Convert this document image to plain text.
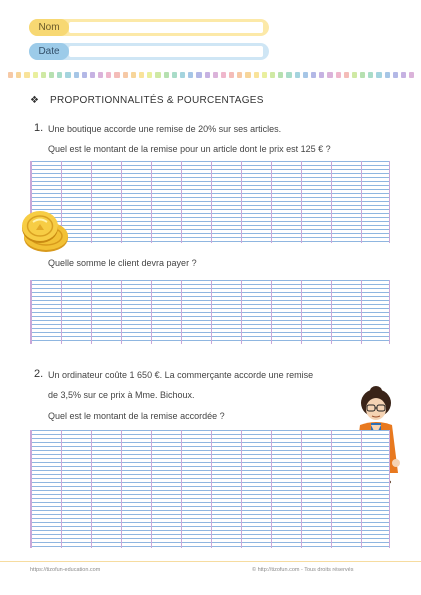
Nom
Date
❖ PROPORTIONNALITÉS & POURCENTAGES
1. Une boutique accorde une remise de 20% sur ses articles.
Quel est le montant de la remise pour un article dont le prix est 125 € ?
Quelle somme le client devra payer ?
2. Un ordinateur coûte 1 650 €. La commerçante accorde une remise
de 3,5% sur ce prix à Mme. Bichoux.
Quel est le montant de la remise accordée ?
https://tizofun-education.com	© http://tizofun.com - Tous droits réservés
